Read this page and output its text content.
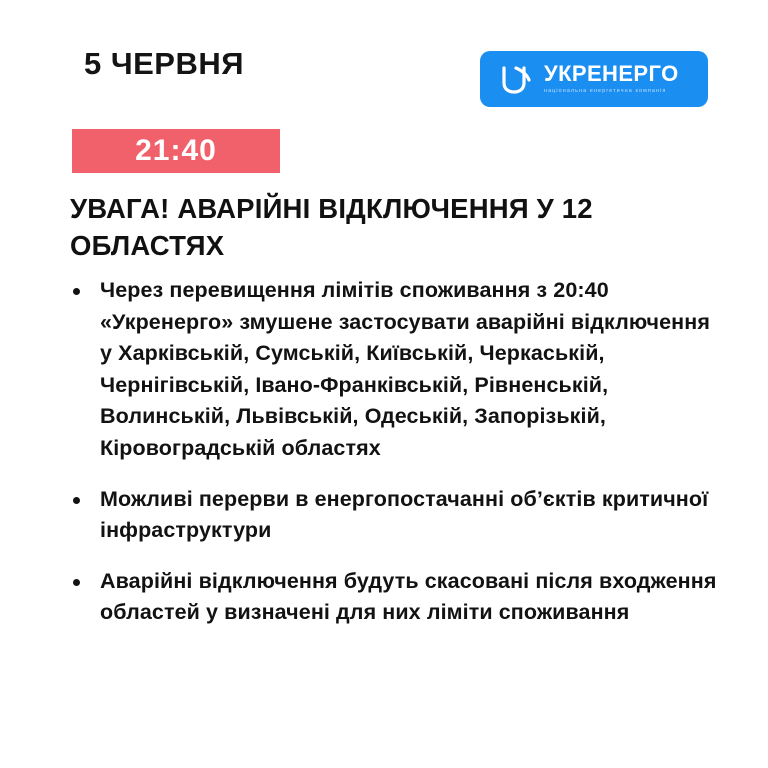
5 ЧЕРВНЯ	УКРЕНЕРГО
національна енергетична компанія
21:40
УВАГА! АВАРІЙНІ ВІДКЛЮЧЕННЯ У 12 ОБЛАСТЯХ
Через перевищення лімітів споживання з 20:40 «Укренерго» змушене застосувати аварійні відключення у Харківській, Сумській, Київській, Черкаській, Чернігівській, Івано-Франківській, Рівненській, Волинській, Львівській, Одеській, Запорізькій, Кіровоградській областях
Можливі перерви в енергопостачанні об’єктів критичної інфраструктури
Аварійні відключення будуть скасовані після входження областей у визначені для них ліміти споживання
